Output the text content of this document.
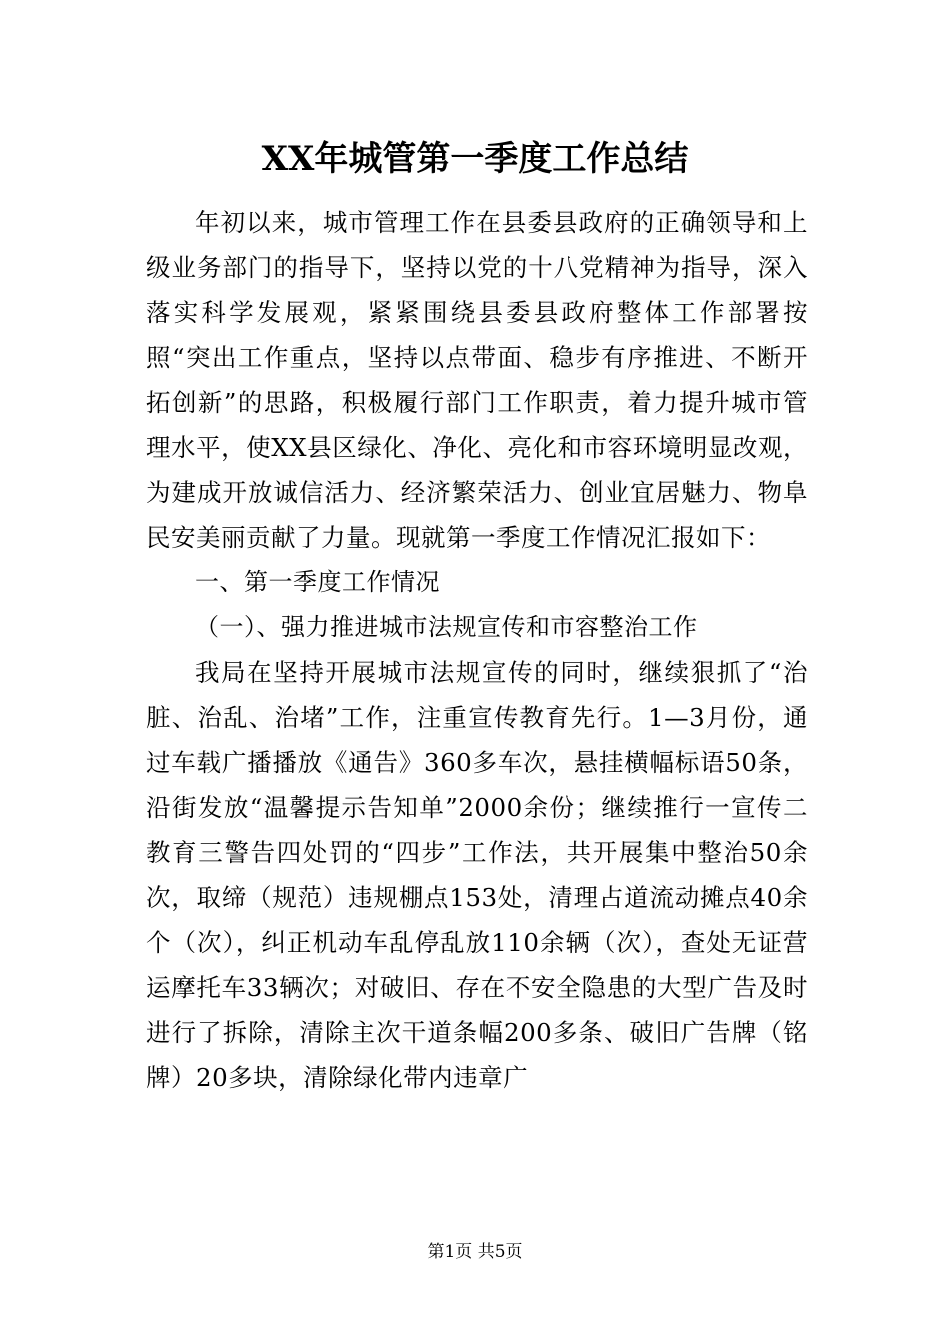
XX年城管第一季度工作总结

年初以来，城市管理工作在县委县政府的正确领导和上级业务部门的指导下，坚持以党的十八党精神为指导，深入落实科学发展观，紧紧围绕县委县政府整体工作部署按照“突出工作重点，坚持以点带面、稳步有序推进、不断开拓创新”的思路，积极履行部门工作职责，着力提升城市管理水平，使XX县区绿化、净化、亮化和市容环境明显改观，为建成开放诚信活力、经济繁荣活力、创业宜居魅力、物阜民安美丽贡献了力量。现就第一季度工作情况汇报如下：

一、第一季度工作情况
（一）、强力推进城市法规宣传和市容整治工作

我局在坚持开展城市法规宣传的同时，继续狠抓了“治脏、治乱、治堵”工作，注重宣传教育先行。1—3月份，通过车载广播播放《通告》360多车次，悬挂横幅标语50条，沿街发放“温馨提示告知单”2000余份；继续推行一宣传二教育三警告四处罚的“四步”工作法，共开展集中整治50余次，取缔（规范）违规棚点153处，清理占道流动摊点40余个（次），纠正机动车乱停乱放110余辆（次），查处无证营运摩托车33辆次；对破旧、存在不安全隐患的大型广告及时进行了拆除，清除主次干道条幅200多条、破旧广告牌（铭牌）20多块，清除绿化带内违章广

第1页 共5页
